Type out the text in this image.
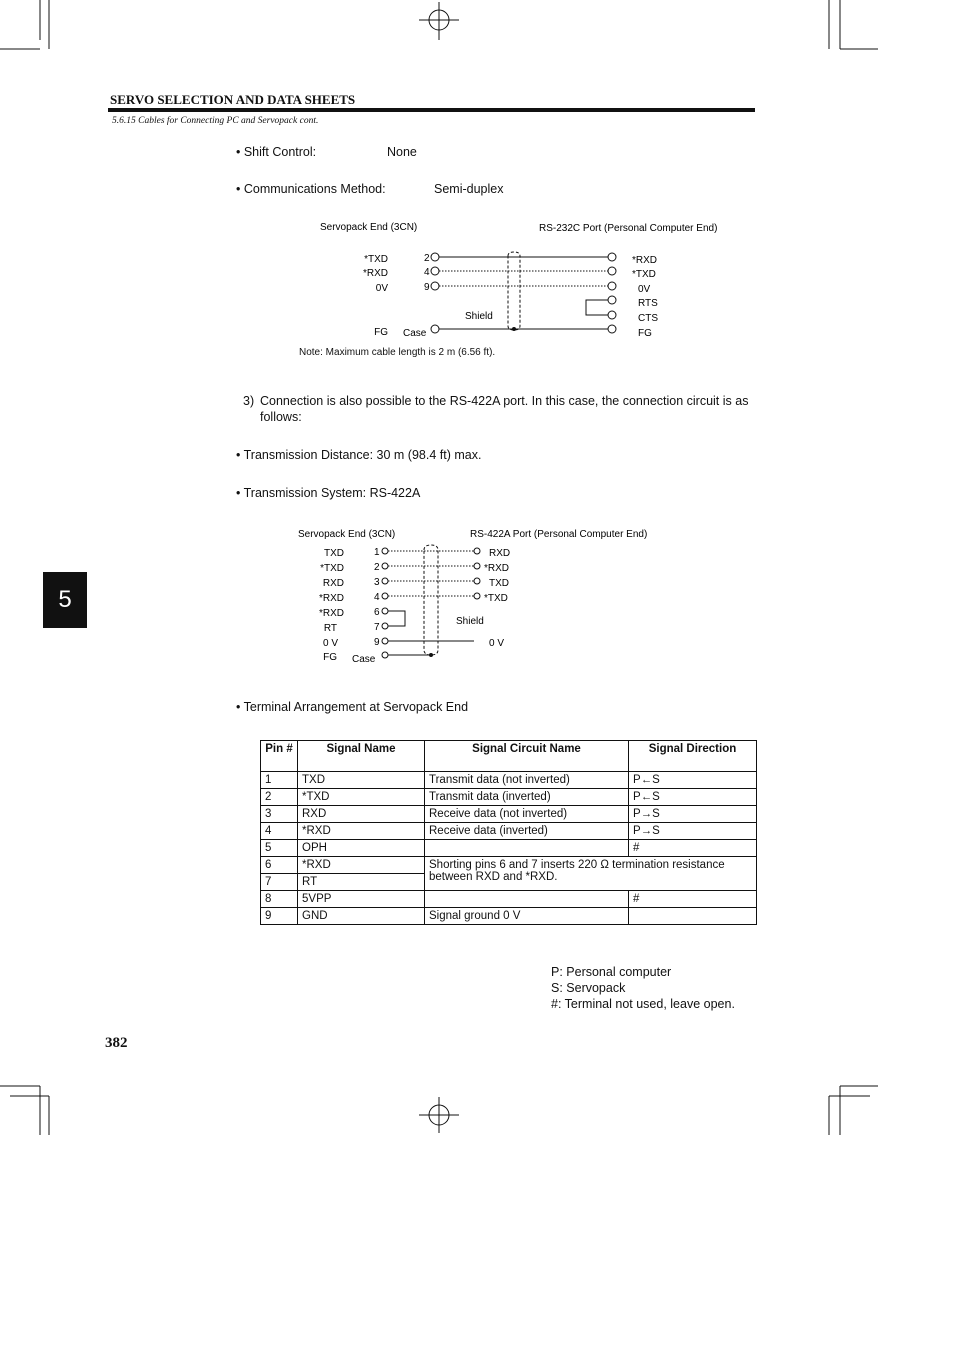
SERVO SELECTION AND DATA SHEETS
5.6.15 Cables for Connecting PC and Servopack cont.
• Shift Control:	None
• Communications Method:	Semi-duplex
Servopack End (3CN)	RS-232C Port (Personal Computer End)
*TXD
*RXD
0V
FG
2
4
9
Case
Shield
*RXD
*TXD
0V
RTS
CTS
FG
Note: Maximum cable length is 2 m (6.56 ft).
3) Connection is also possible to the RS-422A port. In this case, the connection circuit is as
follows:
• Transmission Distance: 30 m (98.4 ft) max.
• Transmission System: RS-422A
Servopack End (3CN)	RS-422A Port (Personal Computer End)
TXD
*TXD
RXD
*RXD
*RXD
RT
0 V
FG
1
2
3
4
6
7
9
Case
Shield
RXD
*RXD
TXD
*TXD
0 V
• Terminal Arrangement at Servopack End
Pin #	Signal Name	Signal Circuit Name	Signal Direction
1	TXD	Transmit data (not inverted)	P←S
2	*TXD	Transmit data (inverted)	P←S
3	RXD	Receive data (not inverted)	P→S
4	*RXD	Receive data (inverted)	P→S
5	OPH		#
6	*RXD	Shorting pins 6 and 7 inserts 220 Ω termination resistance between RXD and *RXD.	
7	RT		
8	5VPP		#
9	GND	Signal ground 0 V	
P: Personal computer
S: Servopack
#: Terminal not used, leave open.
5
382
